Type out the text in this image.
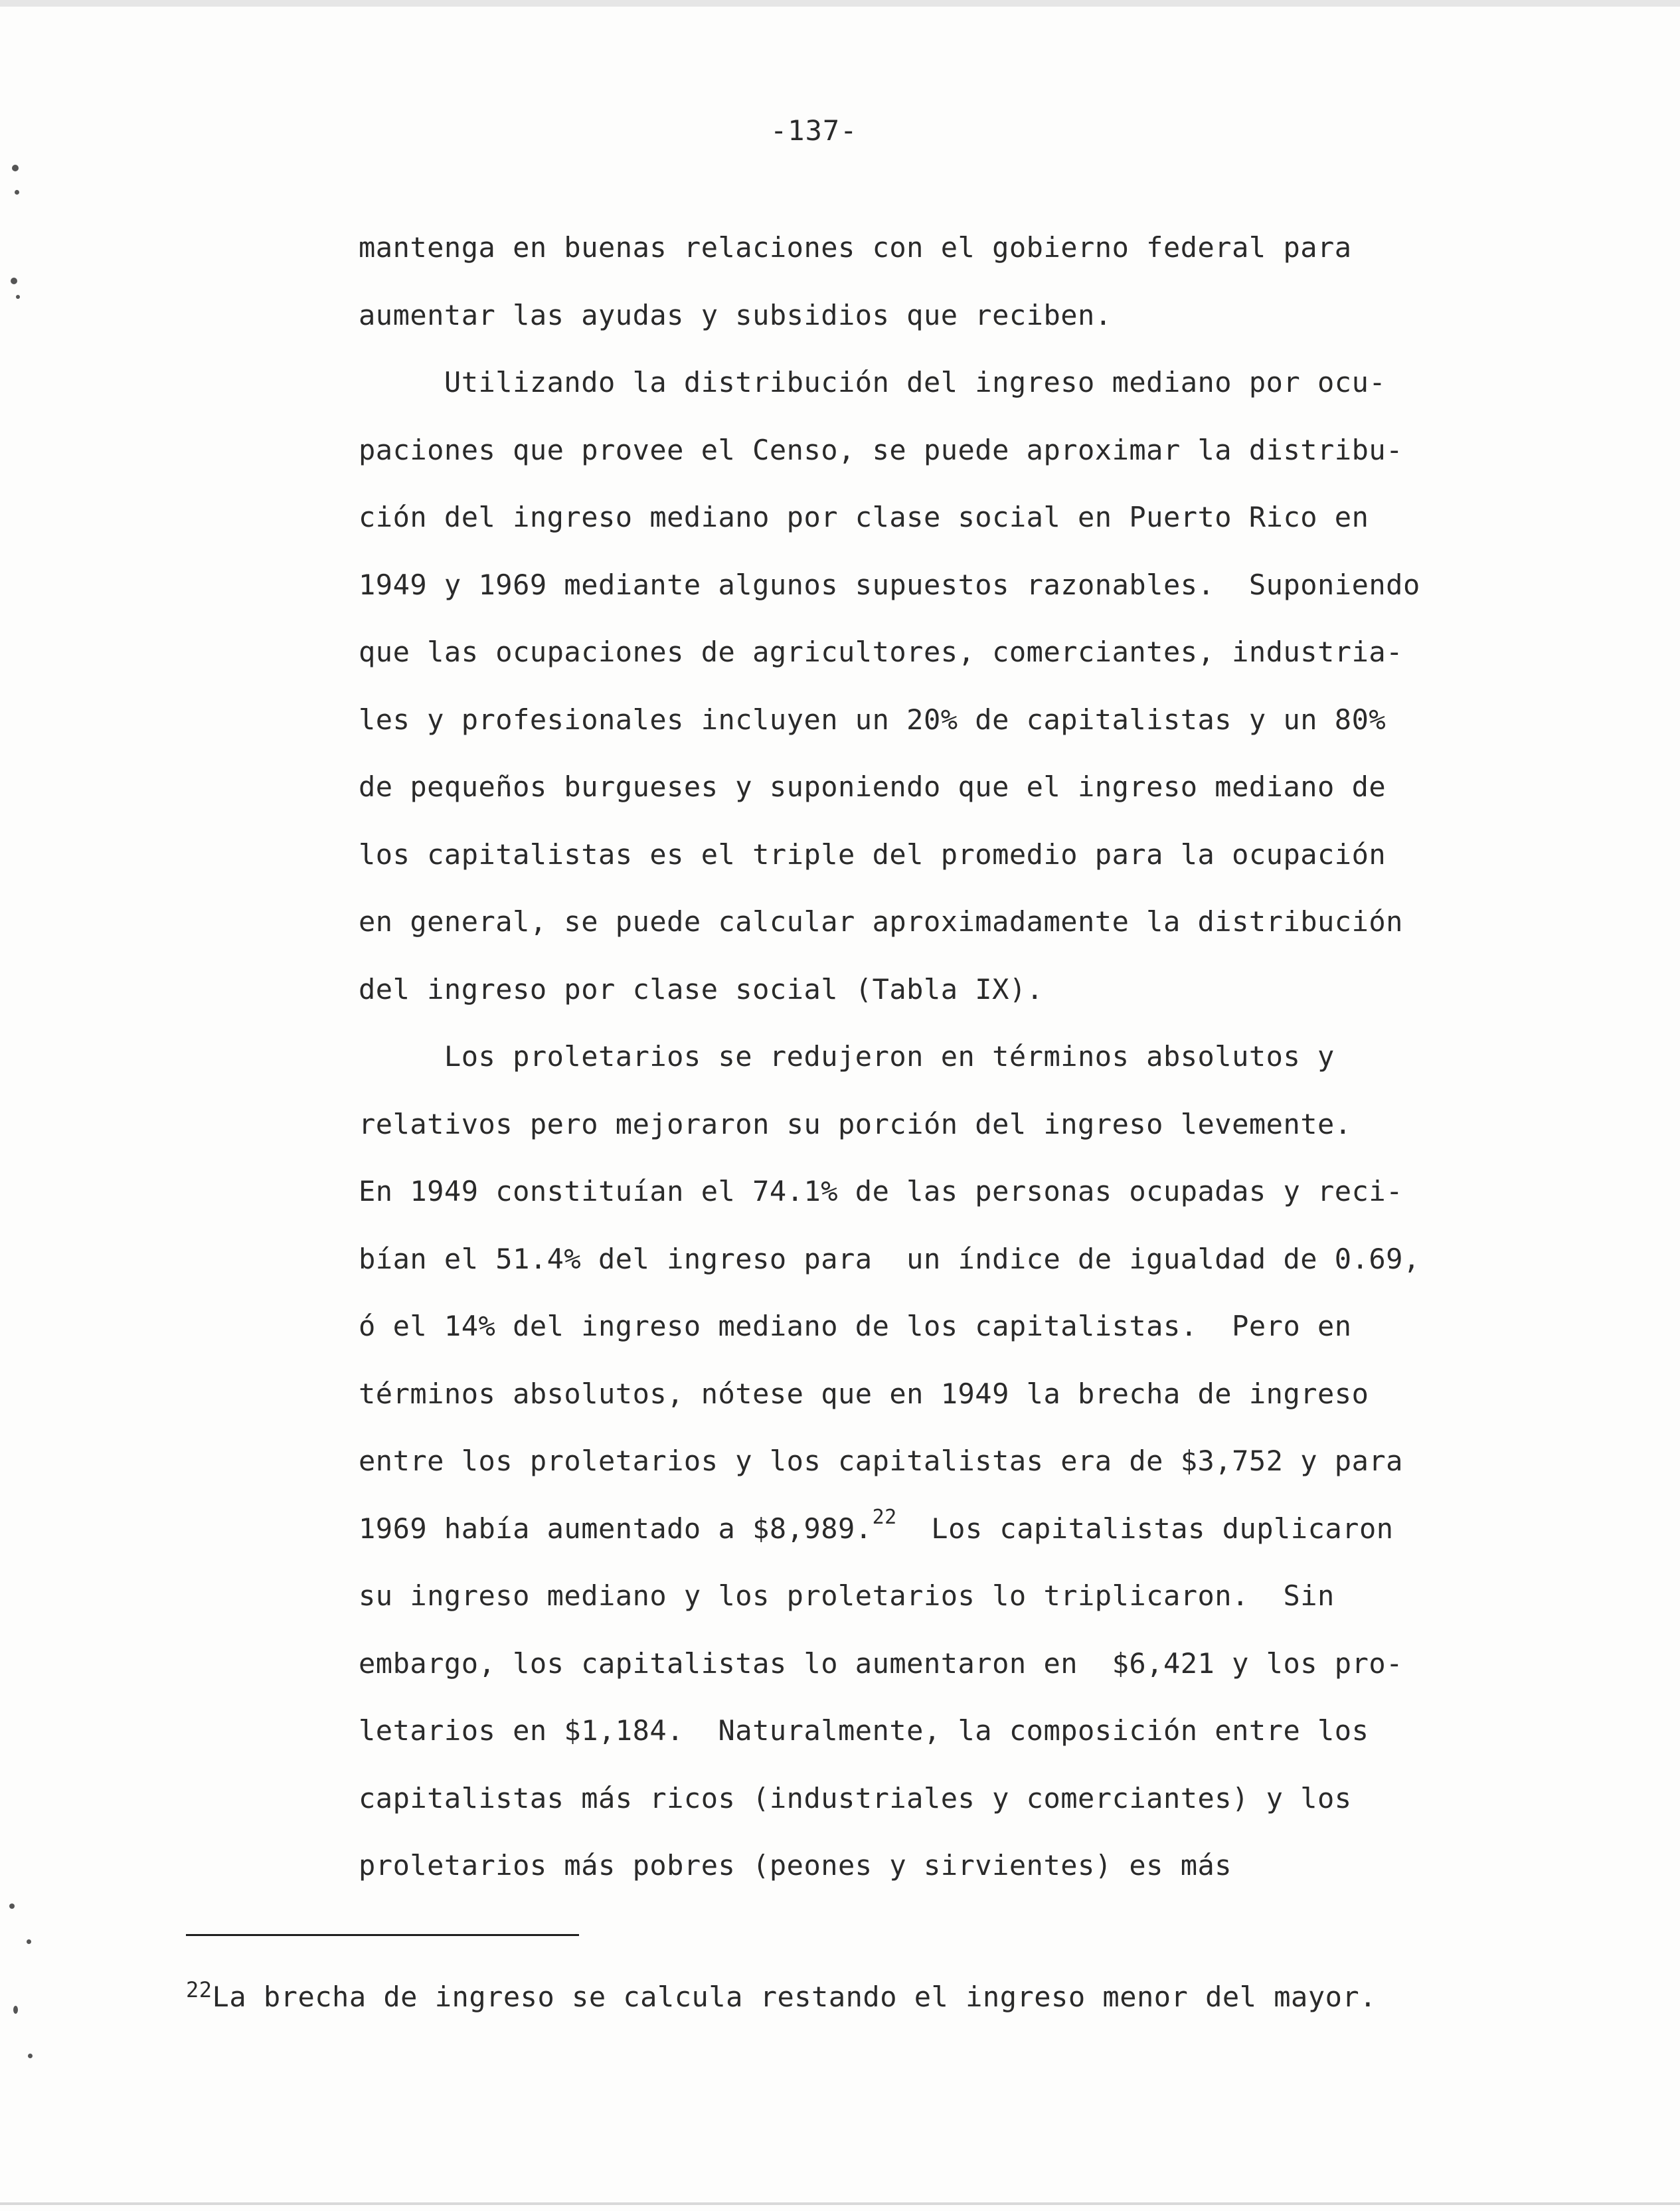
-137-
mantenga en buenas relaciones con el gobierno federal para
aumentar las ayudas y subsidios que reciben.
Utilizando la distribución del ingreso mediano por ocu-
paciones que provee el Censo, se puede aproximar la distribu-
ción del ingreso mediano por clase social en Puerto Rico en
1949 y 1969 mediante algunos supuestos razonables.  Suponiendo
que las ocupaciones de agricultores, comerciantes, industria-
les y profesionales incluyen un 20% de capitalistas y un 80%
de pequeños burgueses y suponiendo que el ingreso mediano de
los capitalistas es el triple del promedio para la ocupación
en general, se puede calcular aproximadamente la distribución
del ingreso por clase social (Tabla IX).
Los proletarios se redujeron en términos absolutos y
relativos pero mejoraron su porción del ingreso levemente.
En 1949 constituían el 74.1% de las personas ocupadas y reci-
bían el 51.4% del ingreso para  un índice de igualdad de 0.69,
ó el 14% del ingreso mediano de los capitalistas.  Pero en
términos absolutos, nótese que en 1949 la brecha de ingreso
entre los proletarios y los capitalistas era de $3,752 y para
1969 había aumentado a $8,989.22  Los capitalistas duplicaron
su ingreso mediano y los proletarios lo triplicaron.  Sin
embargo, los capitalistas lo aumentaron en  $6,421 y los pro-
letarios en $1,184.  Naturalmente, la composición entre los
capitalistas más ricos (industriales y comerciantes) y los
proletarios más pobres (peones y sirvientes) es más
$^{22}$La brecha de ingreso se calcula restando el ingreso menor del mayor.
